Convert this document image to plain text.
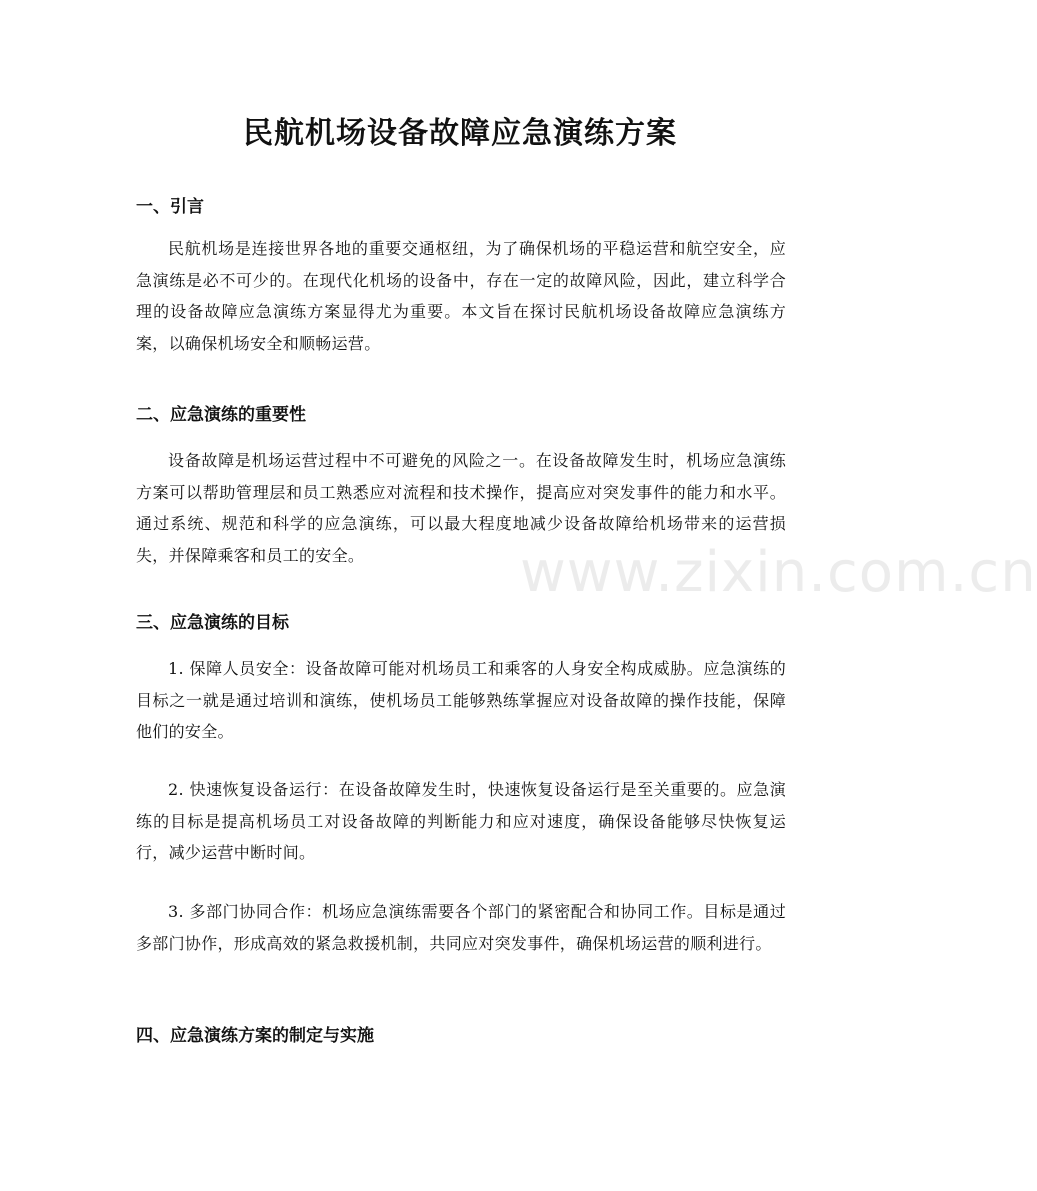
民航机场设备故障应急演练方案
一、引言

民航机场是连接世界各地的重要交通枢纽，为了确保机场的平稳运营和航空安全，应急演练是必不可少的。在现代化机场的设备中，存在一定的故障风险，因此，建立科学合理的设备故障应急演练方案显得尤为重要。本文旨在探讨民航机场设备故障应急演练方案，以确保机场安全和顺畅运营。

二、应急演练的重要性

设备故障是机场运营过程中不可避免的风险之一。在设备故障发生时，机场应急演练方案可以帮助管理层和员工熟悉应对流程和技术操作，提高应对突发事件的能力和水平。通过系统、规范和科学的应急演练，可以最大程度地减少设备故障给机场带来的运营损失，并保障乘客和员工的安全。

三、应急演练的目标

1. 保障人员安全：设备故障可能对机场员工和乘客的人身安全构成威胁。应急演练的目标之一就是通过培训和演练，使机场员工能够熟练掌握应对设备故障的操作技能，保障他们的安全。

2. 快速恢复设备运行：在设备故障发生时，快速恢复设备运行是至关重要的。应急演练的目标是提高机场员工对设备故障的判断能力和应对速度，确保设备能够尽快恢复运行，减少运营中断时间。

3. 多部门协同合作：机场应急演练需要各个部门的紧密配合和协同工作。目标是通过多部门协作，形成高效的紧急救援机制，共同应对突发事件，确保机场运营的顺利进行。

四、应急演练方案的制定与实施
www.zixin.com.cn
